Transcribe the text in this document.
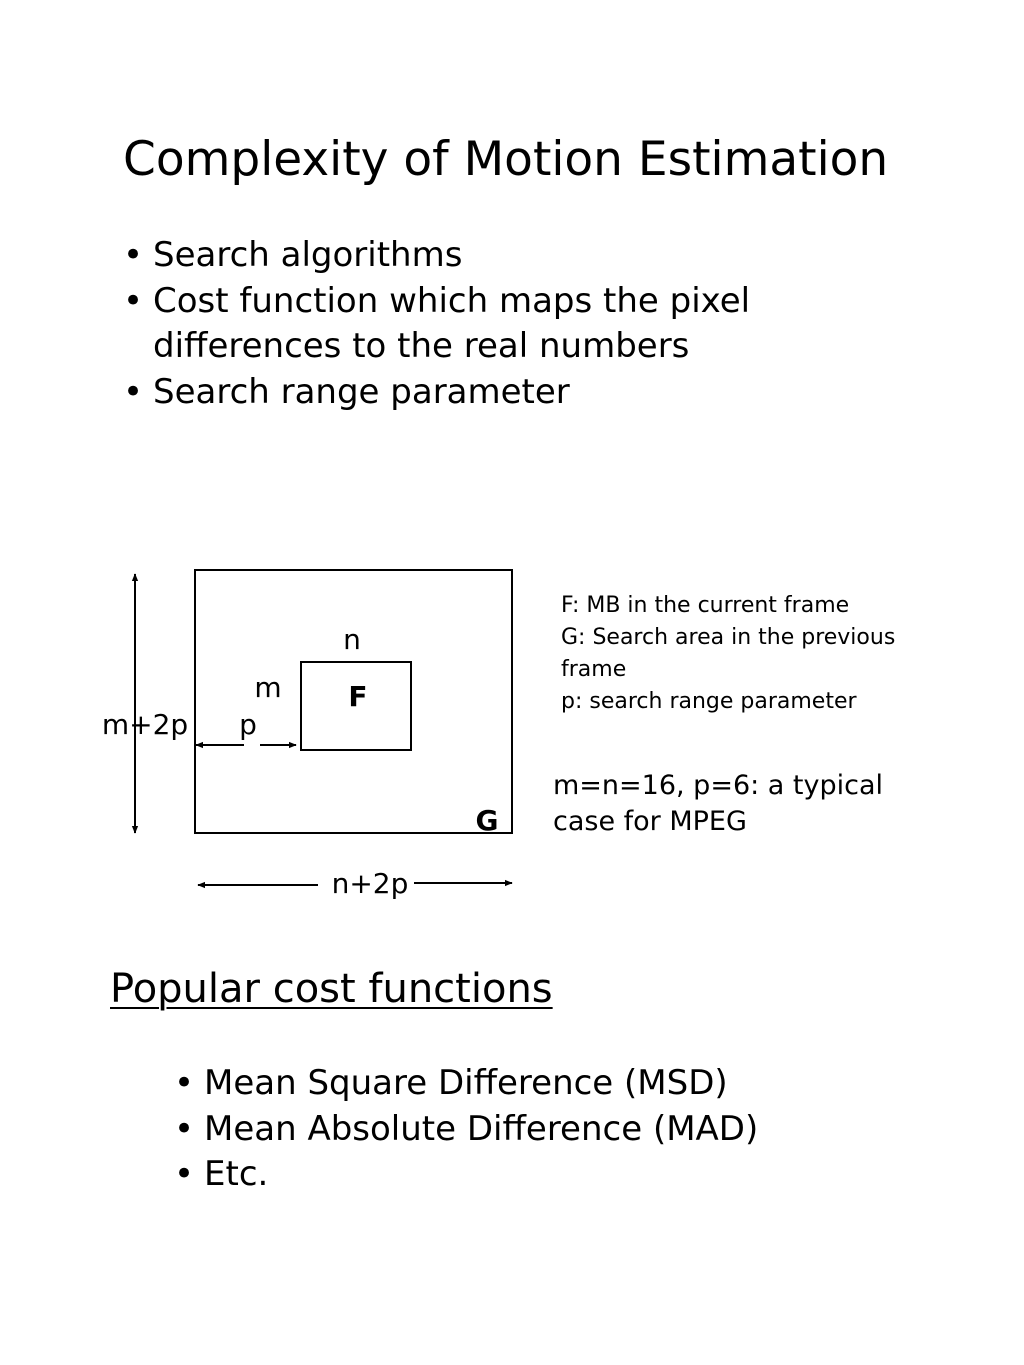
Complexity of Motion Estimation
• Search algorithms
• Cost function which maps the pixel differences to the real numbers
• Search range parameter
n
m F
p
m+2p
G
n+2p
F: MB in the current frame
G: Search area in the previous
frame
p: search range parameter
m=n=16, p=6: a typical case for MPEG
Popular cost functions
• Mean Square Difference (MSD)
• Mean Absolute Difference (MAD)
• Etc.
